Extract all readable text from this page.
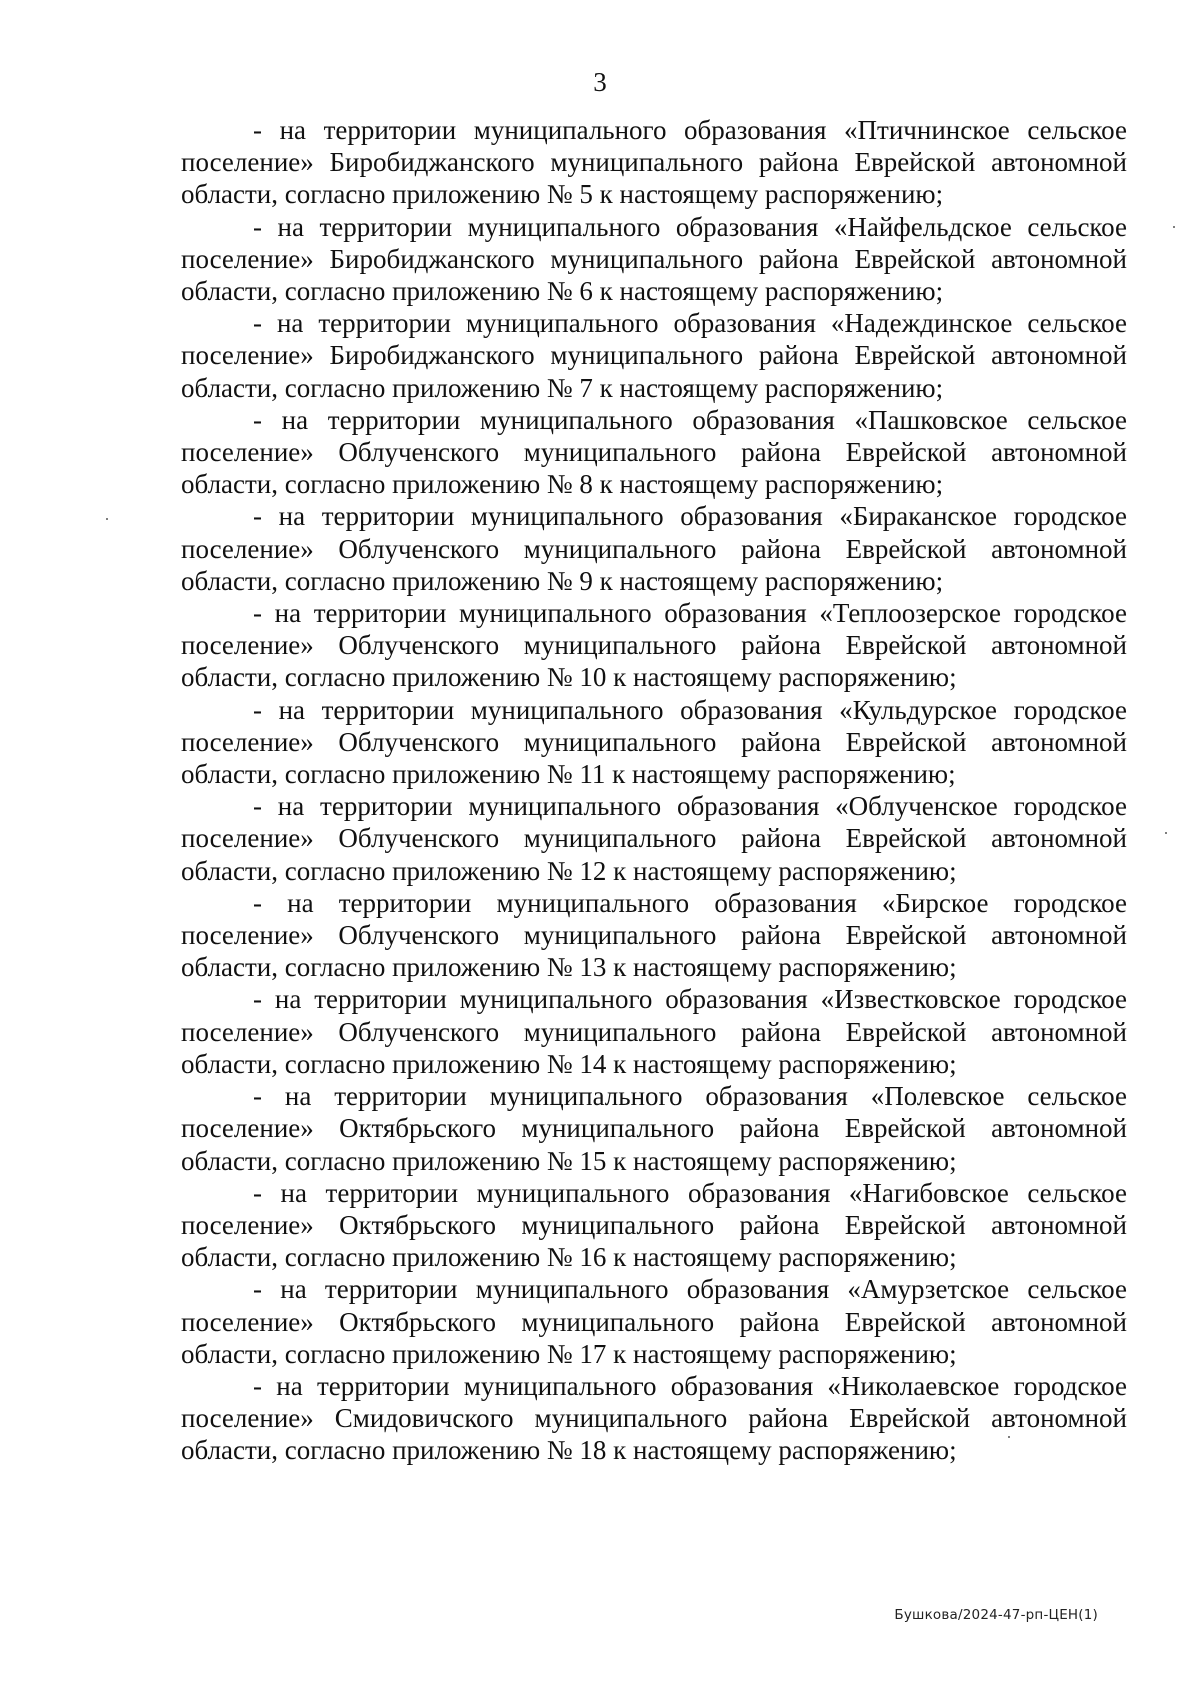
3

- на территории муниципального образования «Птичнинское сельское поселение» Биробиджанского муниципального района Еврейской автономной области, согласно приложению № 5 к настоящему распоряжению;

- на территории муниципального образования «Найфельдское сельское поселение» Биробиджанского муниципального района Еврейской автономной области, согласно приложению № 6 к настоящему распоряжению;

- на территории муниципального образования «Надеждинское сельское поселение» Биробиджанского муниципального района Еврейской автономной области, согласно приложению № 7 к настоящему распоряжению;

- на территории муниципального образования «Пашковское сельское поселение» Облученского муниципального района Еврейской автономной области, согласно приложению № 8 к настоящему распоряжению;

- на территории муниципального образования «Бираканское городское поселение» Облученского муниципального района Еврейской автономной области, согласно приложению № 9 к настоящему распоряжению;

- на территории муниципального образования «Теплоозерское городское поселение» Облученского муниципального района Еврейской автономной области, согласно приложению № 10 к настоящему распоряжению;

- на территории муниципального образования «Кульдурское городское поселение» Облученского муниципального района Еврейской автономной области, согласно приложению № 11 к настоящему распоряжению;

- на территории муниципального образования «Облученское городское поселение» Облученского муниципального района Еврейской автономной области, согласно приложению № 12 к настоящему распоряжению;

- на территории муниципального образования «Бирское городское поселение» Облученского муниципального района Еврейской автономной области, согласно приложению № 13 к настоящему распоряжению;

- на территории муниципального образования «Известковское городское поселение» Облученского муниципального района Еврейской автономной области, согласно приложению № 14 к настоящему распоряжению;

- на территории муниципального образования «Полевское сельское поселение» Октябрьского муниципального района Еврейской автономной области, согласно приложению № 15 к настоящему распоряжению;

- на территории муниципального образования «Нагибовское сельское поселение» Октябрьского муниципального района Еврейской автономной области, согласно приложению № 16 к настоящему распоряжению;

- на территории муниципального образования «Амурзетское сельское поселение» Октябрьского муниципального района Еврейской автономной области, согласно приложению № 17 к настоящему распоряжению;

- на территории муниципального образования «Николаевское городское поселение» Смидовичского муниципального района Еврейской автономной области, согласно приложению № 18 к настоящему распоряжению;

Бушкова/2024-47-рп-ЦЕН(1)
